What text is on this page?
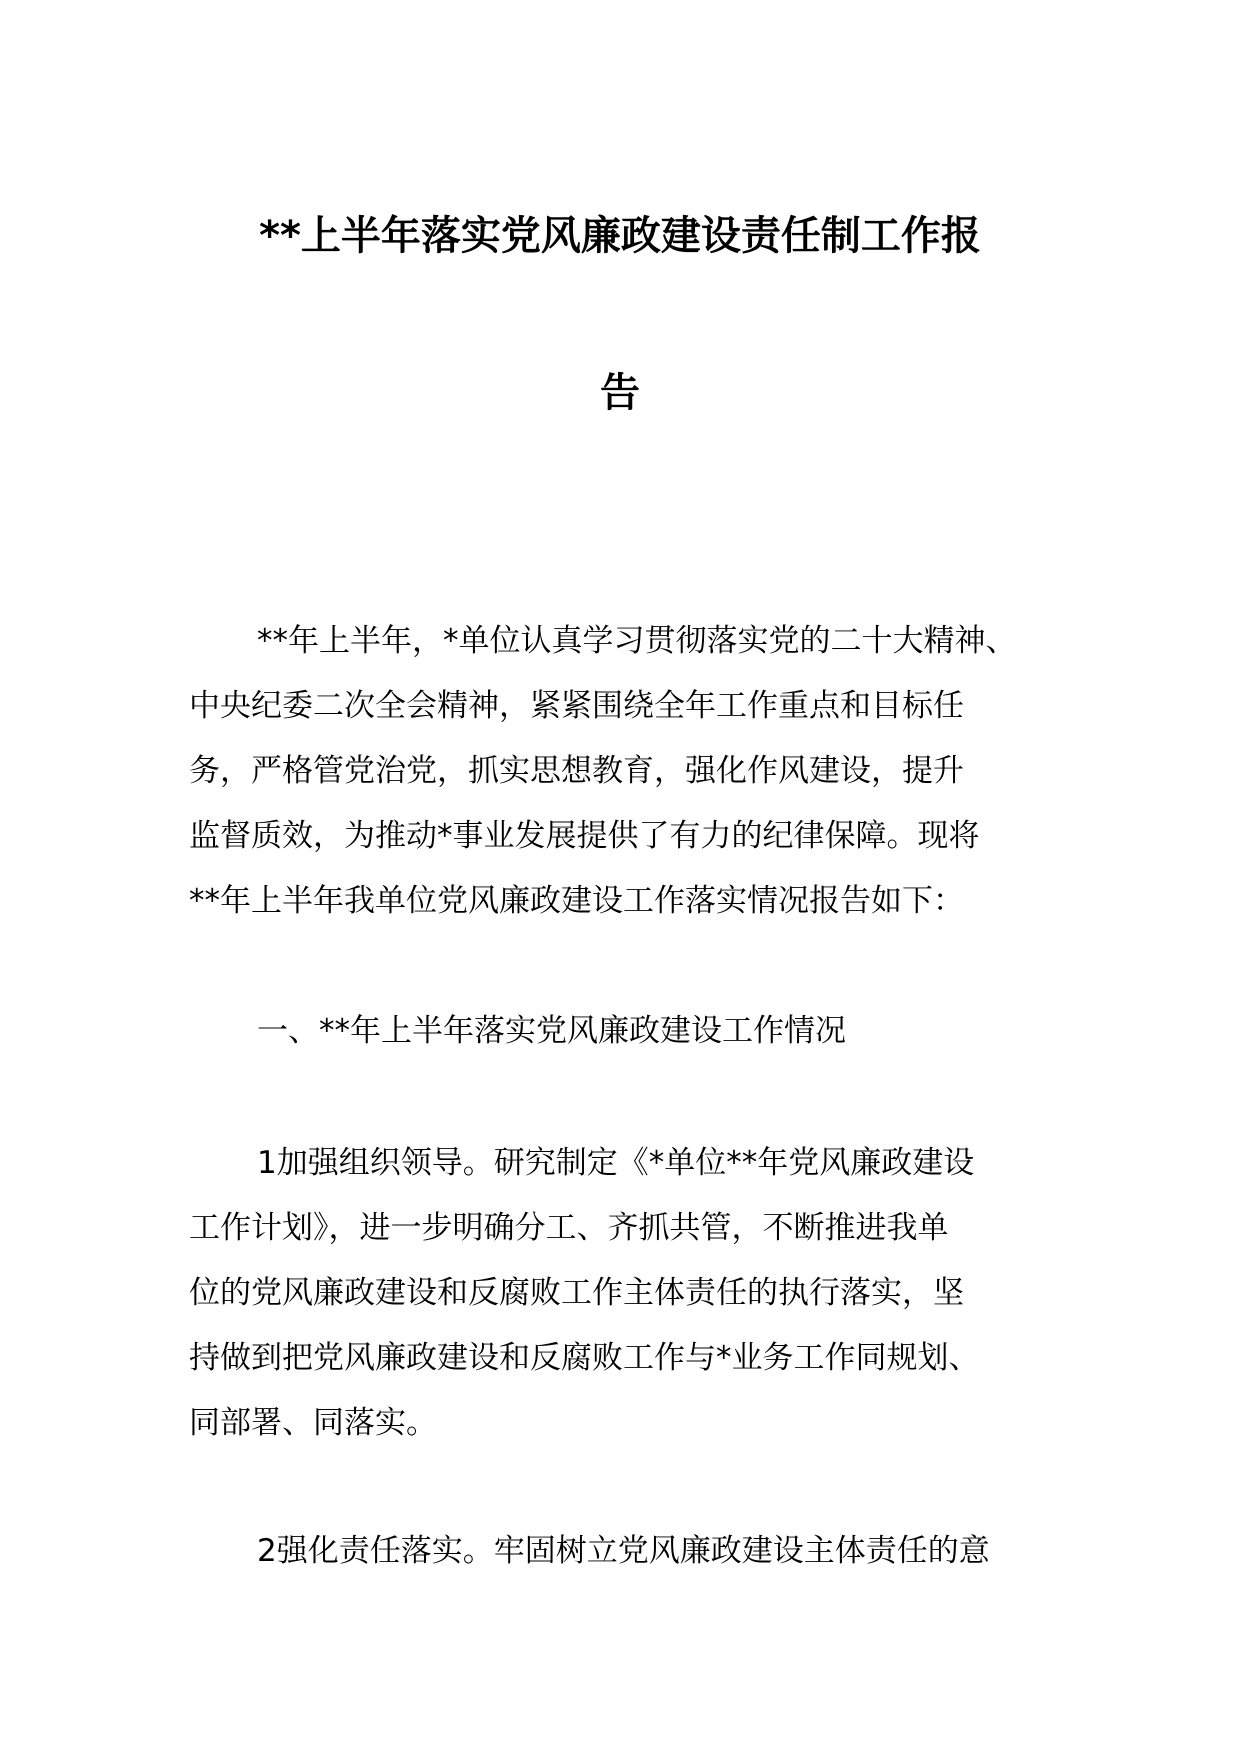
**上半年落实党风廉政建设责任制工作报
告
**年上半年，*单位认真学习贯彻落实党的二十大精神、
中央纪委二次全会精神，紧紧围绕全年工作重点和目标任
务，严格管党治党，抓实思想教育，强化作风建设，提升
监督质效，为推动*事业发展提供了有力的纪律保障。现将
**年上半年我单位党风廉政建设工作落实情况报告如下：
一、**年上半年落实党风廉政建设工作情况
1加强组织领导。研究制定《*单位**年党风廉政建设
工作计划》，进一步明确分工、齐抓共管，不断推进我单
位的党风廉政建设和反腐败工作主体责任的执行落实，坚
持做到把党风廉政建设和反腐败工作与*业务工作同规划、
同部署、同落实。
2强化责任落实。牢固树立党风廉政建设主体责任的意
